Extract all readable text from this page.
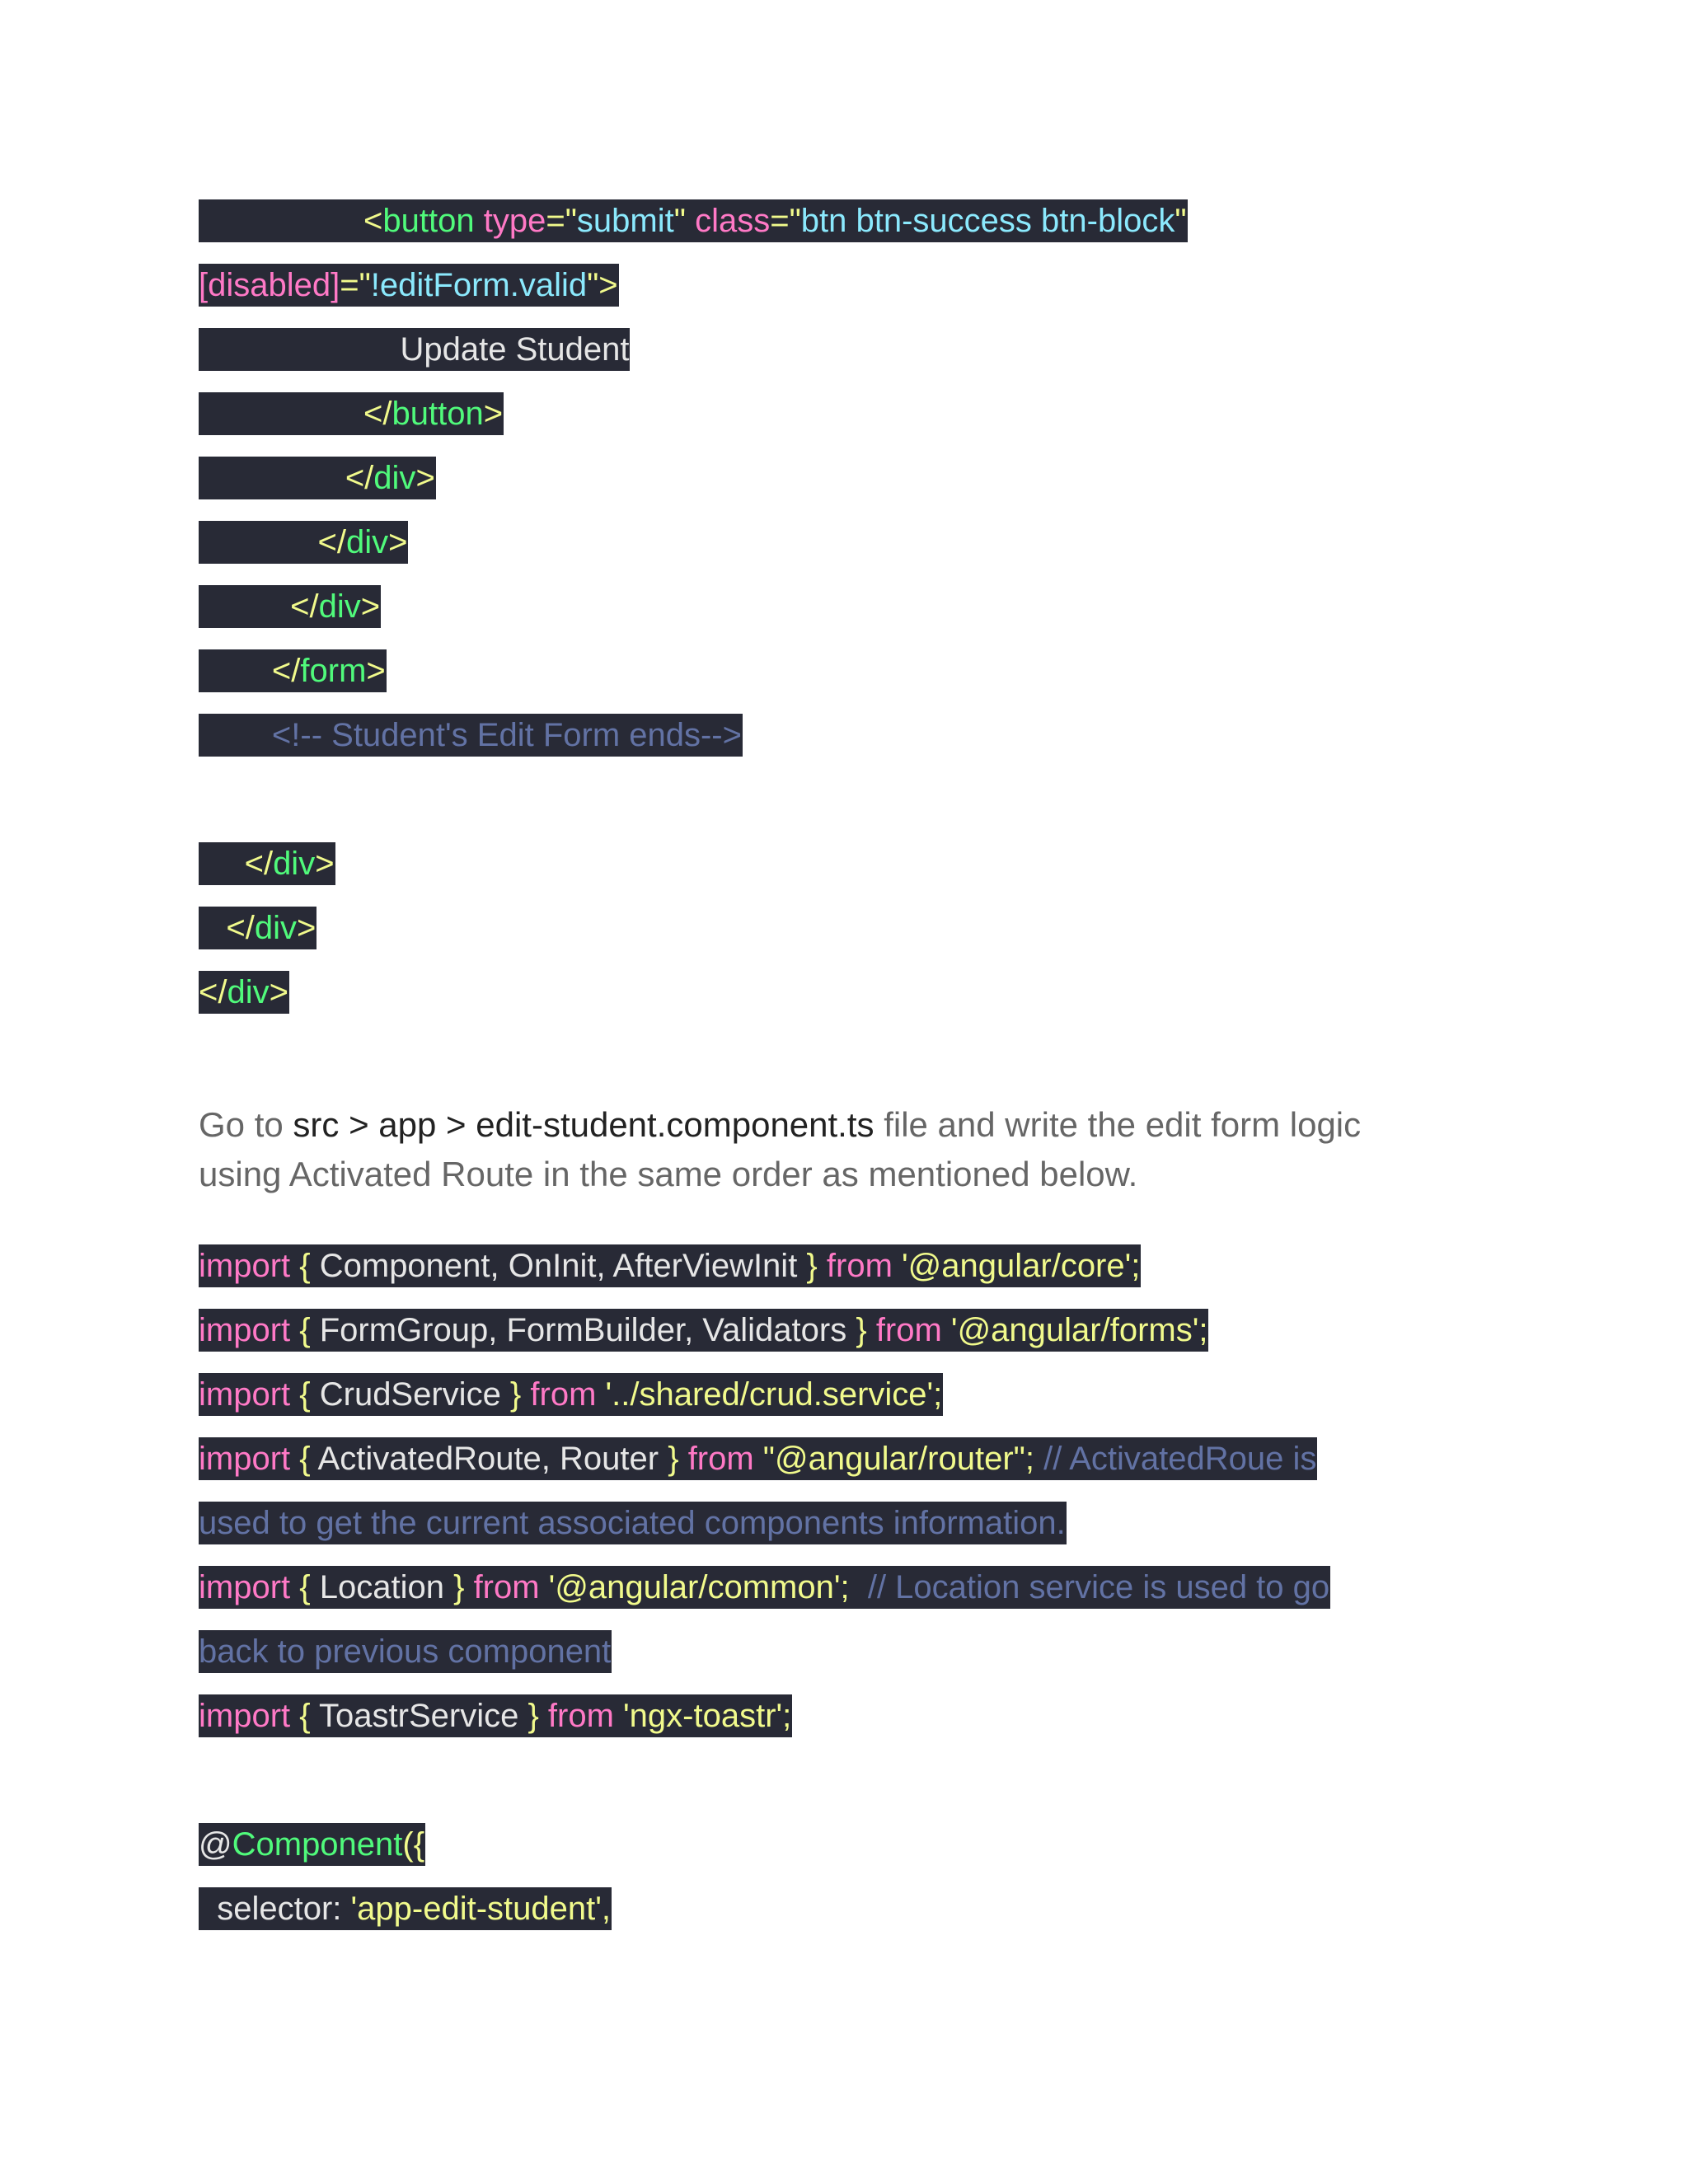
<button type="submit" class="btn btn-success btn-block"
[disabled]="!editForm.valid">
Update Student
</button>
</div>
</div>
</div>
</form>
<!-- Student's Edit Form ends-->
</div>
</div>
</div>
Go to src > app > edit-student.component.ts file and write the edit form logic using Activated Route in the same order as mentioned below.
import { Component, OnInit, AfterViewInit } from '@angular/core';
import { FormGroup, FormBuilder, Validators } from '@angular/forms';
import { CrudService } from '../shared/crud.service';
import { ActivatedRoute, Router } from "@angular/router"; // ActivatedRoue is
used to get the current associated components information.
import { Location } from '@angular/common';  // Location service is used to go
back to previous component
import { ToastrService } from 'ngx-toastr';
@Component({
selector: 'app-edit-student',
